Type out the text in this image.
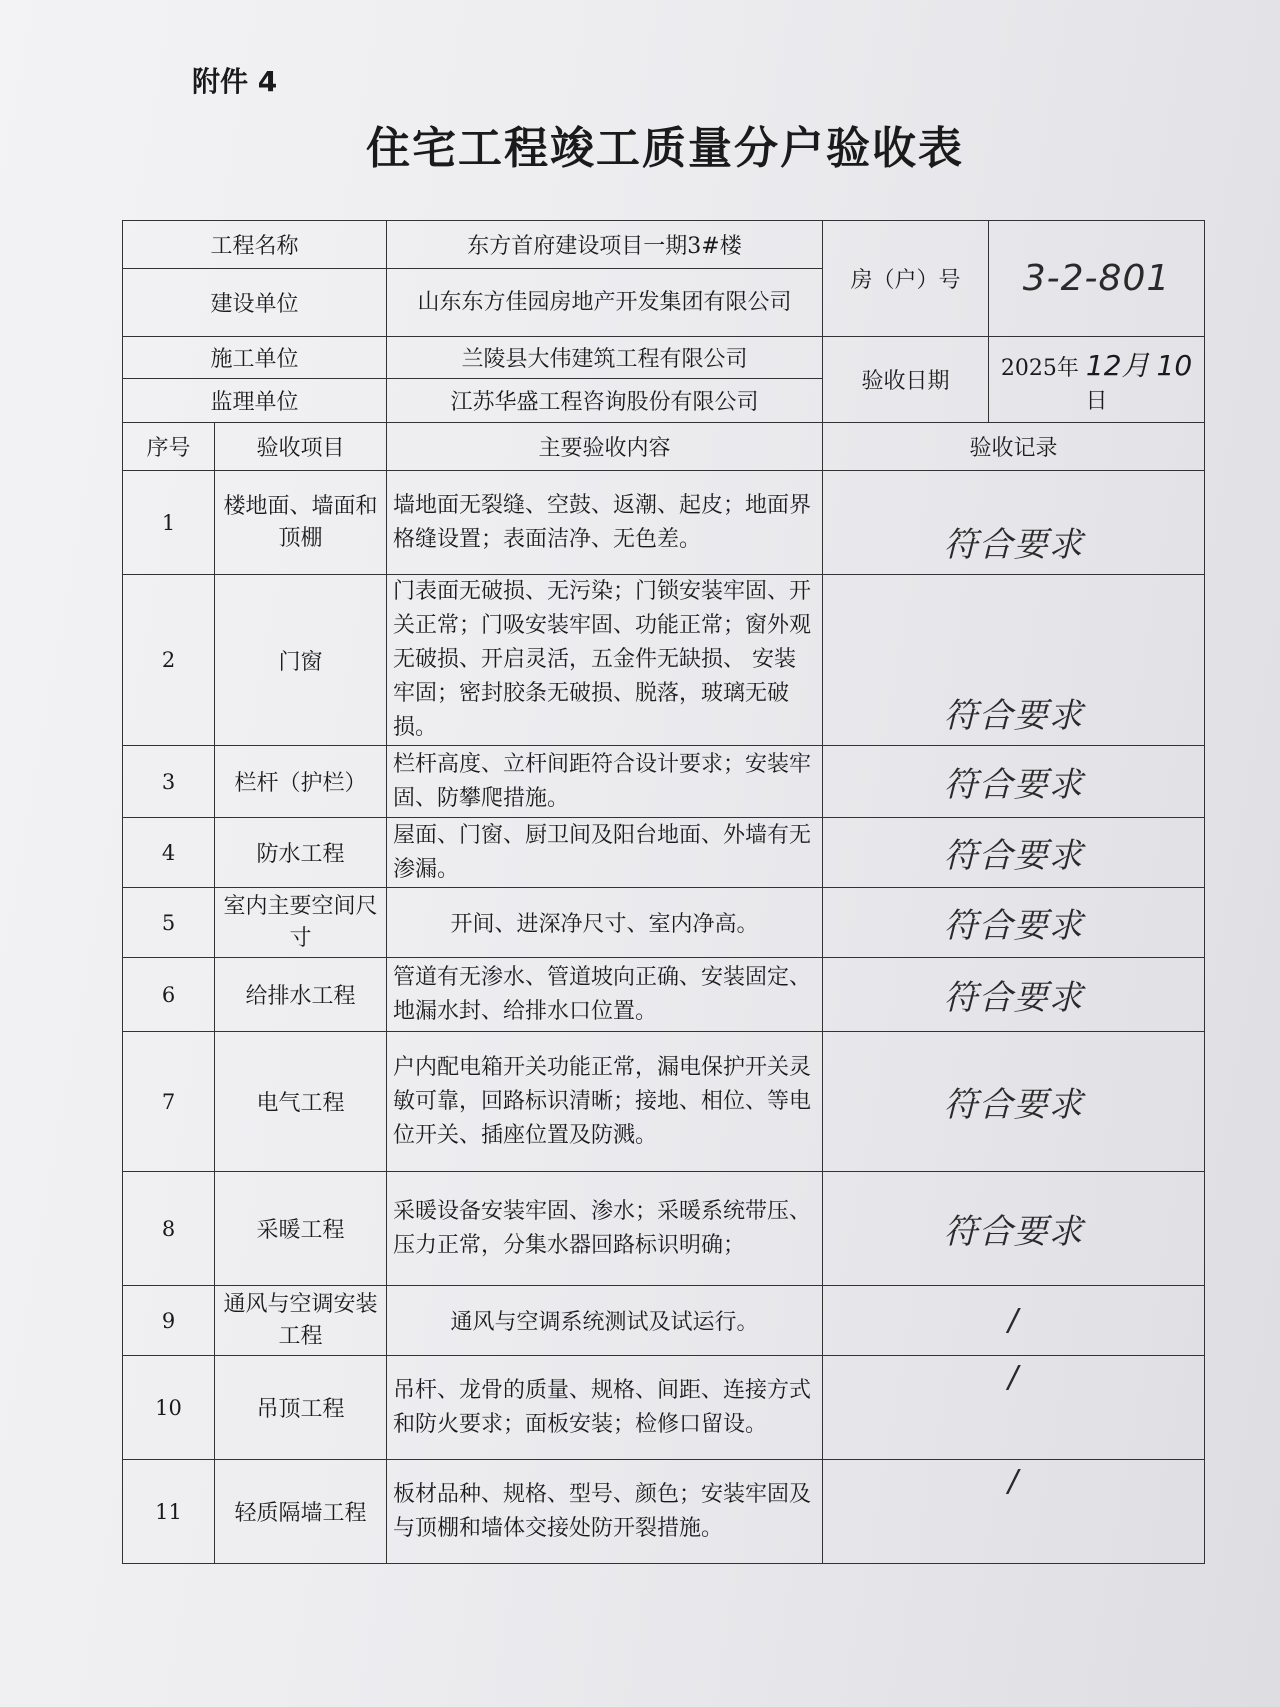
附件 4
住宅工程竣工质量分户验收表
工程名称		东方首府建设项目一期3#楼	房（户）号	3-2-801
建设单位		山东东方佳园房地产开发集团有限公司		
施工单位		兰陵县大伟建筑工程有限公司	验收日期	2025年 12月 10 日
监理单位		江苏华盛工程咨询股份有限公司		
序号	验收项目	主要验收内容	验收记录	
1	楼地面、墙面和顶棚	墙地面无裂缝、空鼓、返潮、起皮；地面界格缝设置；表面洁净、无色差。	符合要求	
2	门窗	门表面无破损、无污染；门锁安装牢固、开关正常；门吸安装牢固、功能正常；窗外观无破损、开启灵活，五金件无缺损、 安装牢固；密封胶条无破损、脱落，玻璃无破损。	符合要求	
3	栏杆（护栏）	栏杆高度、立杆间距符合设计要求；安装牢固、防攀爬措施。	符合要求	
4	防水工程	屋面、门窗、厨卫间及阳台地面、外墙有无渗漏。	符合要求	
5	室内主要空间尺寸	开间、进深净尺寸、室内净高。	符合要求	
6	给排水工程	管道有无渗水、管道坡向正确、安装固定、地漏水封、给排水口位置。	符合要求	
7	电气工程	户内配电箱开关功能正常，漏电保护开关灵敏可靠，回路标识清晰；接地、相位、等电位开关、插座位置及防溅。	符合要求	
8	采暖工程	采暖设备安装牢固、渗水；采暖系统带压、压力正常，分集水器回路标识明确；	符合要求	
9	通风与空调安装工程	通风与空调系统测试及试运行。	/	
10	吊顶工程	吊杆、龙骨的质量、规格、间距、连接方式和防火要求；面板安装；检修口留设。	/	
11	轻质隔墙工程	板材品种、规格、型号、颜色；安装牢固及与顶棚和墙体交接处防开裂措施。	/	
